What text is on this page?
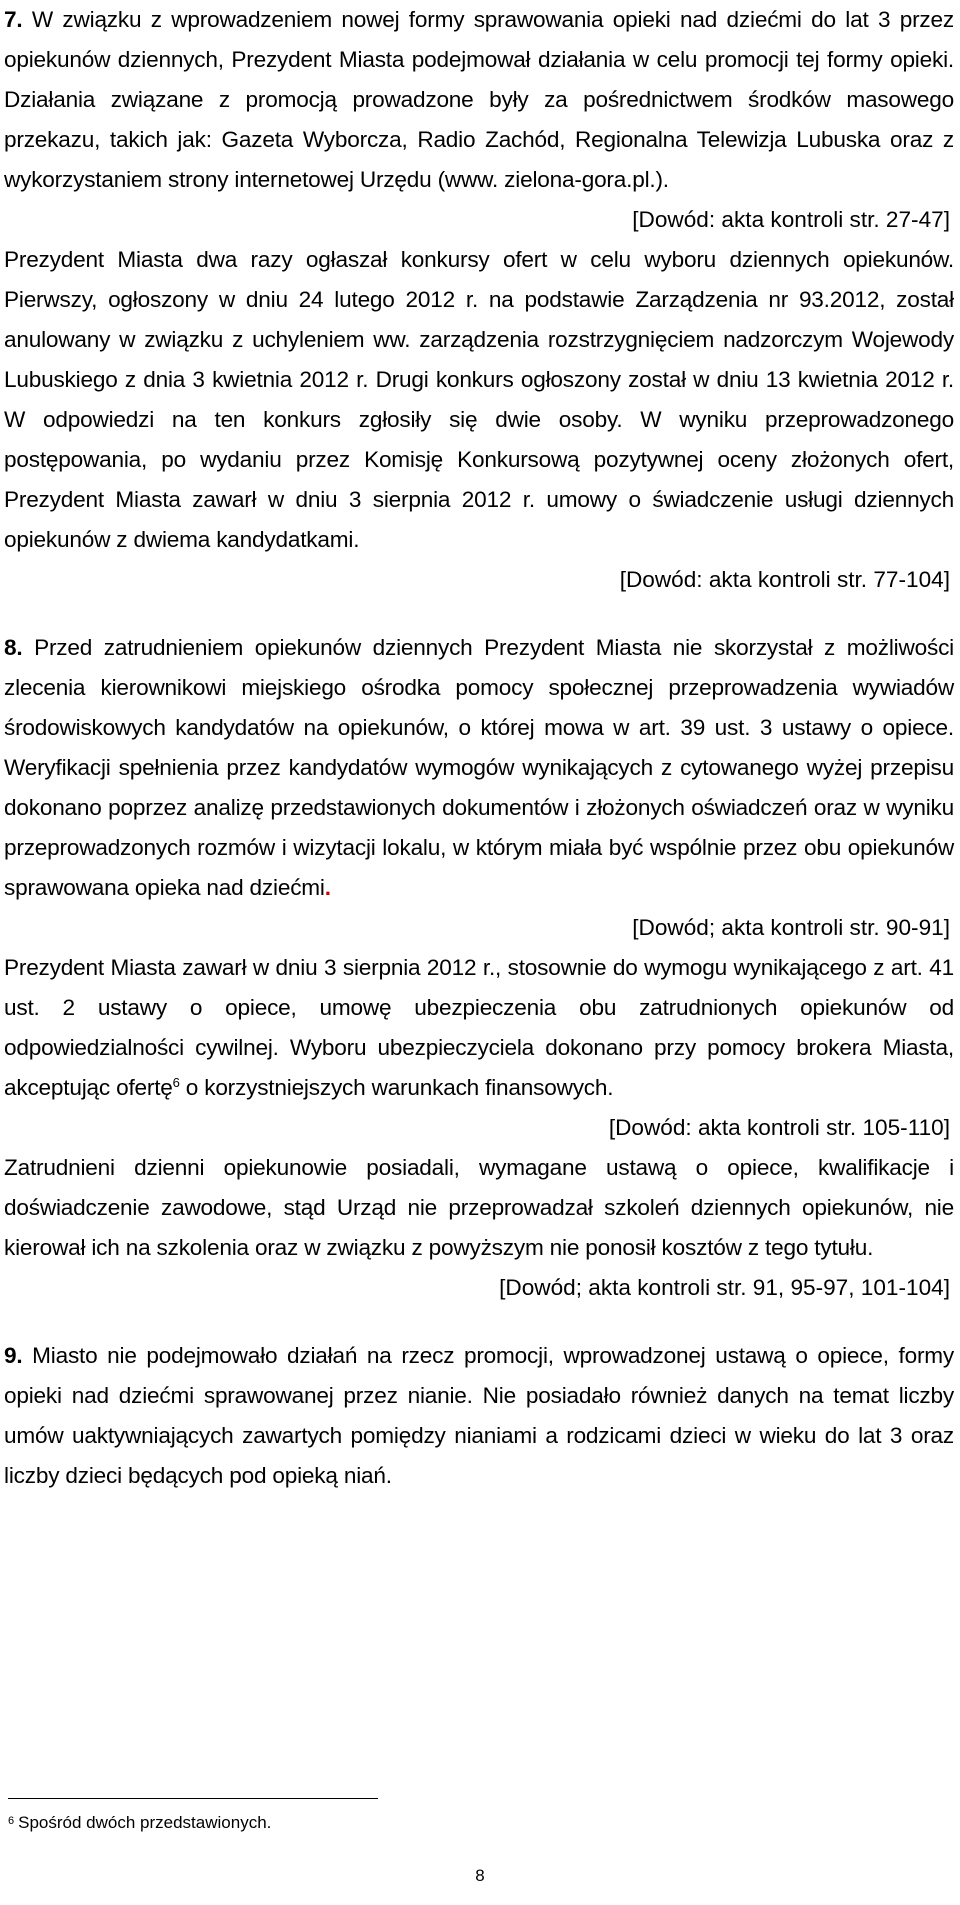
7. W związku z wprowadzeniem nowej formy sprawowania opieki nad dziećmi do lat 3 przez opiekunów dziennych, Prezydent Miasta podejmował działania w celu promocji tej formy opieki. Działania związane z promocją prowadzone były za pośrednictwem środków masowego przekazu, takich jak: Gazeta Wyborcza, Radio Zachód, Regionalna Telewizja Lubuska oraz z wykorzystaniem strony internetowej Urzędu (www. zielona-gora.pl.).

[Dowód: akta kontroli str. 27-47]

Prezydent Miasta dwa razy ogłaszał konkursy ofert w celu wyboru dziennych opiekunów. Pierwszy, ogłoszony w dniu 24 lutego 2012 r. na podstawie Zarządzenia nr 93.2012, został anulowany w związku z uchyleniem ww. zarządzenia rozstrzygnięciem nadzorczym Wojewody Lubuskiego z dnia 3 kwietnia 2012 r. Drugi konkurs ogłoszony został w dniu 13 kwietnia 2012 r. W odpowiedzi na ten konkurs zgłosiły się dwie osoby. W wyniku przeprowadzonego postępowania, po wydaniu przez Komisję Konkursową pozytywnej oceny złożonych ofert, Prezydent Miasta zawarł w dniu 3 sierpnia 2012 r. umowy o świadczenie usługi dziennych opiekunów z dwiema kandydatkami.

[Dowód: akta kontroli str. 77-104]

8. Przed zatrudnieniem opiekunów dziennych Prezydent Miasta nie skorzystał z możliwości zlecenia kierownikowi miejskiego ośrodka pomocy społecznej przeprowadzenia wywiadów środowiskowych kandydatów na opiekunów, o której mowa w art. 39 ust. 3 ustawy o opiece. Weryfikacji spełnienia przez kandydatów wymogów wynikających z cytowanego wyżej przepisu dokonano poprzez analizę przedstawionych dokumentów i złożonych oświadczeń oraz w wyniku przeprowadzonych rozmów i wizytacji lokalu, w którym miała być wspólnie przez obu opiekunów sprawowana opieka nad dziećmi.

[Dowód; akta kontroli str. 90-91]

Prezydent Miasta zawarł w dniu 3 sierpnia 2012 r., stosownie do wymogu wynikającego z art. 41 ust. 2 ustawy o opiece, umowę ubezpieczenia obu zatrudnionych opiekunów od odpowiedzialności cywilnej. Wyboru ubezpieczyciela dokonano przy pomocy brokera Miasta, akceptując ofertę$^6$ o korzystniejszych warunkach finansowych.

[Dowód: akta kontroli str. 105-110]

Zatrudnieni dzienni opiekunowie posiadali, wymagane ustawą o opiece, kwalifikacje i doświadczenie zawodowe, stąd Urząd nie przeprowadzał szkoleń dziennych opiekunów, nie kierował ich na szkolenia oraz w związku z powyższym nie ponosił kosztów z tego tytułu.

[Dowód; akta kontroli str. 91, 95-97, 101-104]

9. Miasto nie podejmowało działań na rzecz promocji, wprowadzonej ustawą o opiece, formy opieki nad dziećmi sprawowanej przez nianie. Nie posiadało również danych na temat liczby umów uaktywniających zawartych pomiędzy nianiami a rodzicami dzieci w wieku do lat 3 oraz liczby dzieci będących pod opieką niań.

$^6$ Spośród dwóch przedstawionych.
8
